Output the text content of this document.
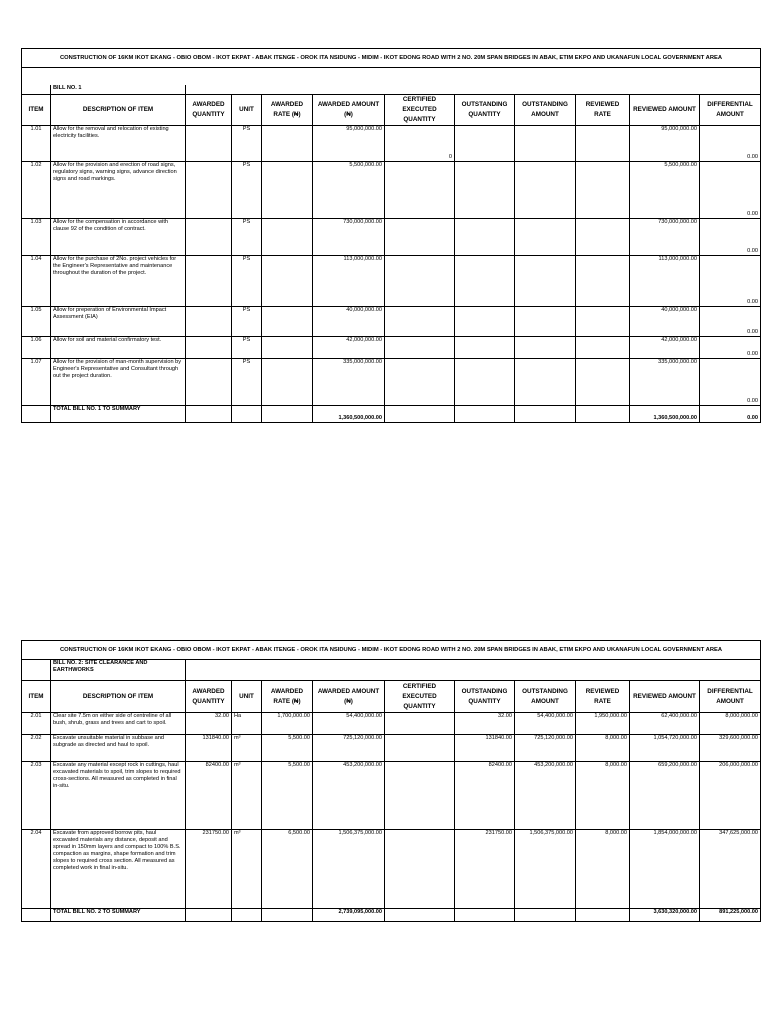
CONSTRUCTION OF 16KM IKOT EKANG - OBIO OBOM - IKOT EKPAT - ABAK ITENGE - OROK ITA NSIDUNG - MIDIM - IKOT EDONG ROAD WITH 2 NO. 20M SPAN BRIDGES IN ABAK, ETIM EKPO AND UKANAFUN LOCAL GOVERNMENT AREA											

	BILL NO. 1										
ITEM	DESCRIPTION OF ITEM	AWARDED QUANTITY	UNIT	AWARDED RATE (₦)	AWARDED AMOUNT (₦)	CERTIFIED EXECUTED QUANTITY	OUTSTANDING QUANTITY	OUTSTANDING AMOUNT	REVIEWED RATE	REVIEWED AMOUNT	DIFFERENTIAL AMOUNT
1.01	Allow for the removal and relocation of existing electricity facilities.		PS		95,000,000.00	0				95,000,000.00	0.00
1.02	Allow for the provision and erection of road signs, regulatory signs, warning signs, advance direction signs and road markings.		PS		5,500,000.00					5,500,000.00	0.00
1.03	Allow for the compensation in accordance with clause 92 of the condition of contract.		PS		730,000,000.00					730,000,000.00	0.00
1.04	Allow for the purchase of 2No. project vehicles for the Engineer's Representative and maintenance throughout the duration of the project.		PS		113,000,000.00					113,000,000.00	0.00
1.05	Allow for preperation of Environmental Impact Assessment (EIA)		PS		40,000,000.00					40,000,000.00	0.00
1.06	Allow for soil and material confirmatory test.		PS		42,000,000.00					42,000,000.00	0.00
1.07	Allow for the provision of man-month supervision by Engineer's Representative and Consultant through out the project duration.		PS		335,000,000.00					335,000,000.00	0.00
	TOTAL BILL NO. 1 TO SUMMARY				1,360,500,000.00					1,360,500,000.00	0.00
CONSTRUCTION OF 16KM IKOT EKANG - OBIO OBOM - IKOT EKPAT - ABAK ITENGE - OROK ITA NSIDUNG - MIDIM - IKOT EDONG ROAD WITH 2 NO. 20M SPAN BRIDGES IN ABAK, ETIM EKPO AND UKANAFUN LOCAL GOVERNMENT AREA											
	BILL NO. 2: SITE CLEARANCE AND EARTHWORKS										
ITEM	DESCRIPTION OF ITEM	AWARDED QUANTITY	UNIT	AWARDED RATE (₦)	AWARDED AMOUNT (₦)	CERTIFIED EXECUTED QUANTITY	OUTSTANDING QUANTITY	OUTSTANDING AMOUNT	REVIEWED RATE	REVIEWED AMOUNT	DIFFERENTIAL AMOUNT
2.01	Clear site 7.5m on either side of centreline of all bush, shrub, grass and trees and cart to spoil.	32.00	Ha	1,700,000.00	54,400,000.00		32.00	54,400,000.00	1,950,000.00	62,400,000.00	8,000,000.00
2.02	Excavate unsuitable material in subbase and subgrade as directed and haul to spoil.	131840.00	m³	5,500.00	725,120,000.00		131840.00	725,120,000.00	8,000.00	1,054,720,000.00	329,600,000.00
2.03	Excavate any material except rock in cuttings, haul excavated materials to spoil, trim slopes to required cross-sections. All measured as completed in final in-situ.	82400.00	m³	5,500.00	453,200,000.00		82400.00	453,200,000.00	8,000.00	659,200,000.00	206,000,000.00
2.04	Excavate from approved borrow pits, haul excavated materials any distance, deposit and spread in 150mm layers and compact to 100% B.S. compaction as margins, shape formation and trim slopes to required cross section. All measured as completed work in final in-situ.	231750.00	m³	6,500.00	1,506,375,000.00		231750.00	1,506,375,000.00	8,000.00	1,854,000,000.00	347,625,000.00
	TOTAL BILL NO. 2 TO SUMMARY				2,739,095,000.00					3,630,320,000.00	891,225,000.00
